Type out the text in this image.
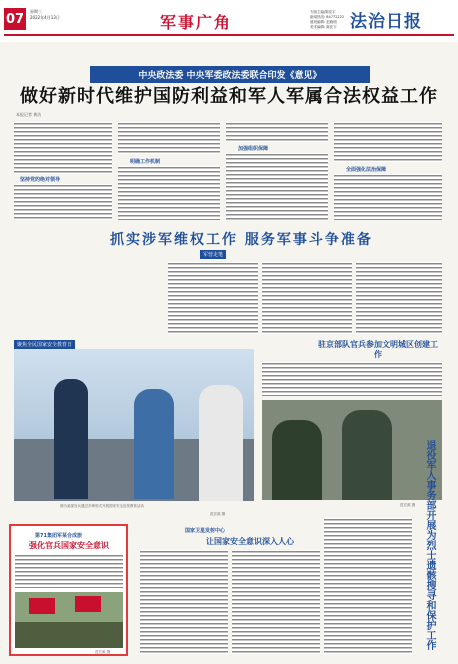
07	星期三
2022年4月13日	军事广角
专版主编/陈佳宇
新闻热线: 84772222
值班编辑: 赵晓明
美术编辑: 陈佳宇 法治日报
中央政法委 中央军委政法委联合印发《意见》
做好新时代维护国防利益和军人军属合法权益工作
本报记者 黄洁
坚持党的绝对领导
明确工作机制
加强组织保障
全面强化法治保障
抓实涉军维权工作 服务军事斗争准备
军营走笔
聚焦全民国家安全教育日
图为某部官兵通过多种形式开展国家安全宣传教育活动
范宏源 摄
驻京部队官兵参加文明城区创建工作
范宏源 摄
国家卫星发射中心
让国家安全意识深入人心	退役军人事务部开展为烈士遗骸搜寻和保护工作
第71集团军某合成旅
强化官兵国家安全意识
范宏源 摄
